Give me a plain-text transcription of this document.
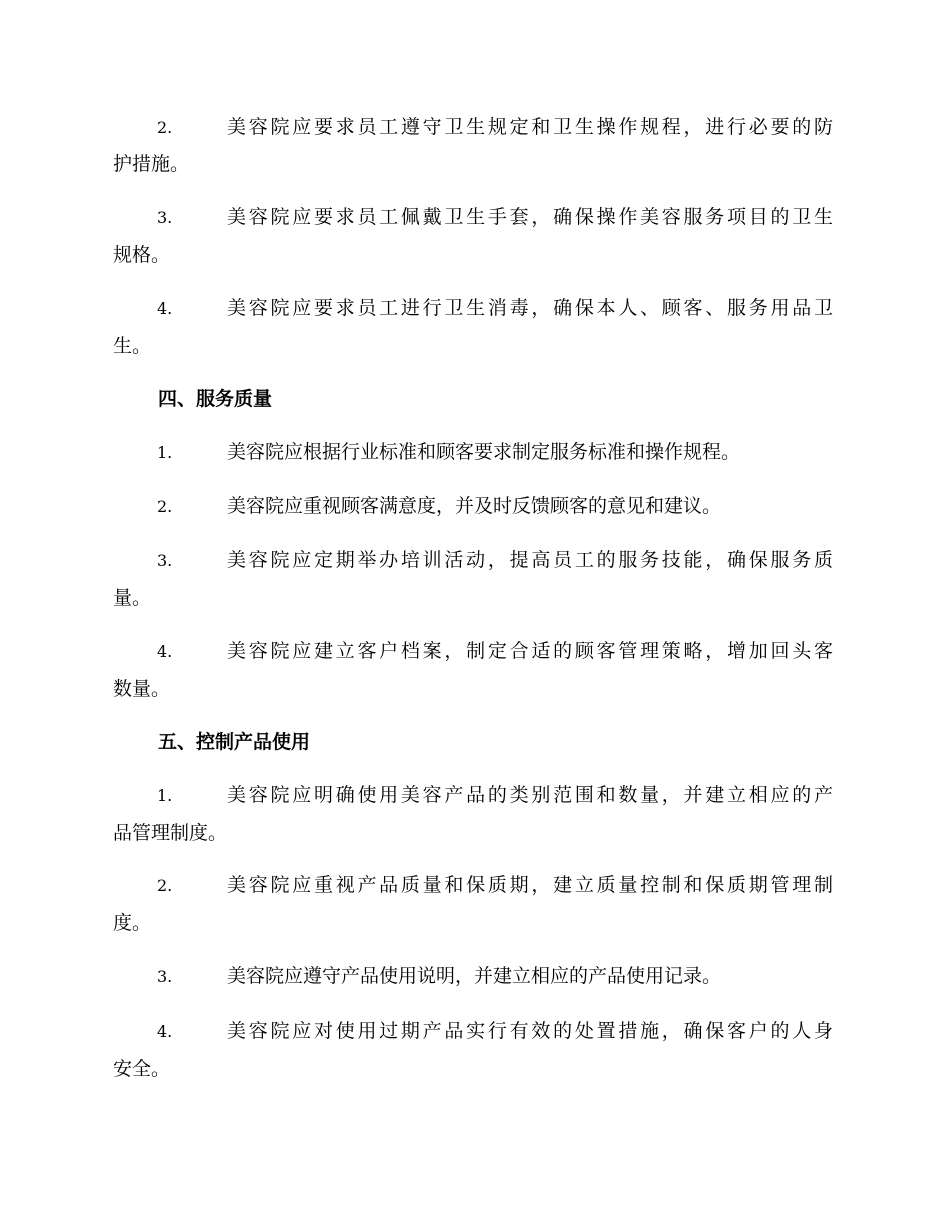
2.	美容院应要求员工遵守卫生规定和卫生操作规程，进行必要的防
护措施。
3.	美容院应要求员工佩戴卫生手套，确保操作美容服务项目的卫生
规格。
4.	美容院应要求员工进行卫生消毒，确保本人、顾客、服务用品卫
生。
四、服务质量
1.	美容院应根据行业标准和顾客要求制定服务标准和操作规程。
2.	美容院应重视顾客满意度，并及时反馈顾客的意见和建议。
3.	美容院应定期举办培训活动，提高员工的服务技能，确保服务质
量。
4.	美容院应建立客户档案，制定合适的顾客管理策略，增加回头客
数量。
五、控制产品使用
1.	美容院应明确使用美容产品的类别范围和数量，并建立相应的产
品管理制度。
2.	美容院应重视产品质量和保质期，建立质量控制和保质期管理制
度。
3.	美容院应遵守产品使用说明，并建立相应的产品使用记录。
4.	美容院应对使用过期产品实行有效的处置措施，确保客户的人身
安全。
